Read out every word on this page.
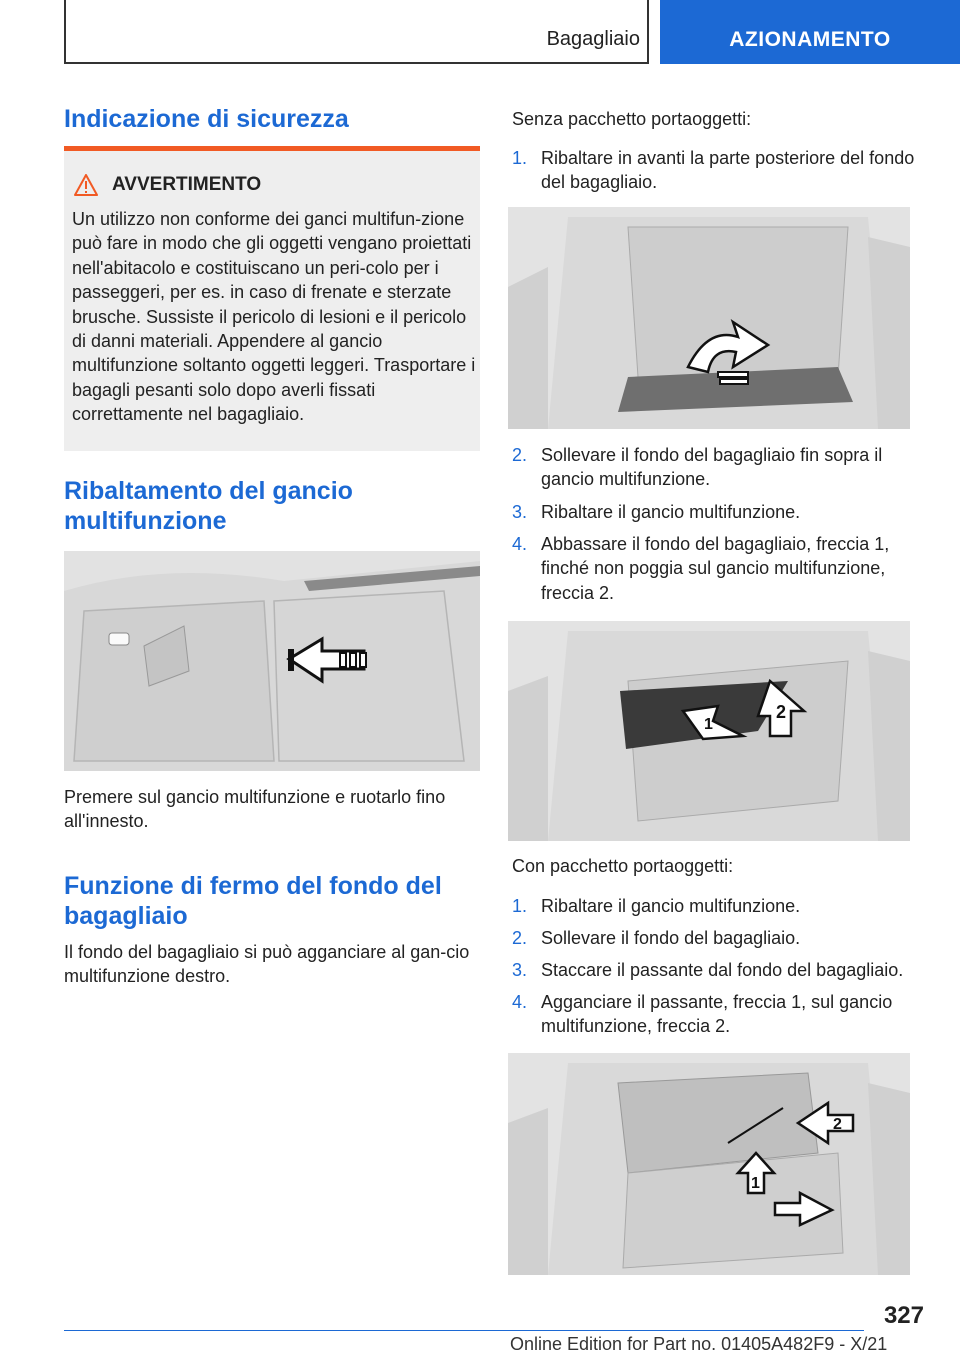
Bagagliaio	AZIONAMENTO
Indicazione di sicurezza
AVVERTIMENTO

Un utilizzo non conforme dei ganci multifun-zione può fare in modo che gli oggetti vengano proiettati nell'abitacolo e costituiscano un peri-colo per i passeggeri, per es. in caso di frenate e sterzate brusche. Sussiste il pericolo di lesioni e il pericolo di danni materiali. Appendere al gancio multifunzione soltanto oggetti leggeri. Trasportare i bagagli pesanti solo dopo averli fissati correttamente nel bagagliaio.

Ribaltamento del gancio
multifunzione

Premere sul gancio multifunzione e ruotarlo fino all'innesto.

Funzione di fermo del fondo del
bagagliaio

Il fondo del bagagliaio si può agganciare al gan-cio multifunzione destro.

Senza pacchetto portaoggetti:

1. Ribaltare in avanti la parte posteriore del fondo del bagagliaio.
2. Sollevare il fondo del bagagliaio fin sopra il gancio multifunzione.
3. Ribaltare il gancio multifunzione.
4. Abbassare il fondo del bagagliaio, freccia 1, finché non poggia sul gancio multifunzione, freccia 2.
1
2

Con pacchetto portaoggetti:

1. Ribaltare il gancio multifunzione.
2. Sollevare il fondo del bagagliaio.
3. Staccare il passante dal fondo del bagagliaio.
4. Agganciare il passante, freccia 1, sul gancio multifunzione, freccia 2.
1
2
327
Online Edition for Part no. 01405A482F9 - X/21
